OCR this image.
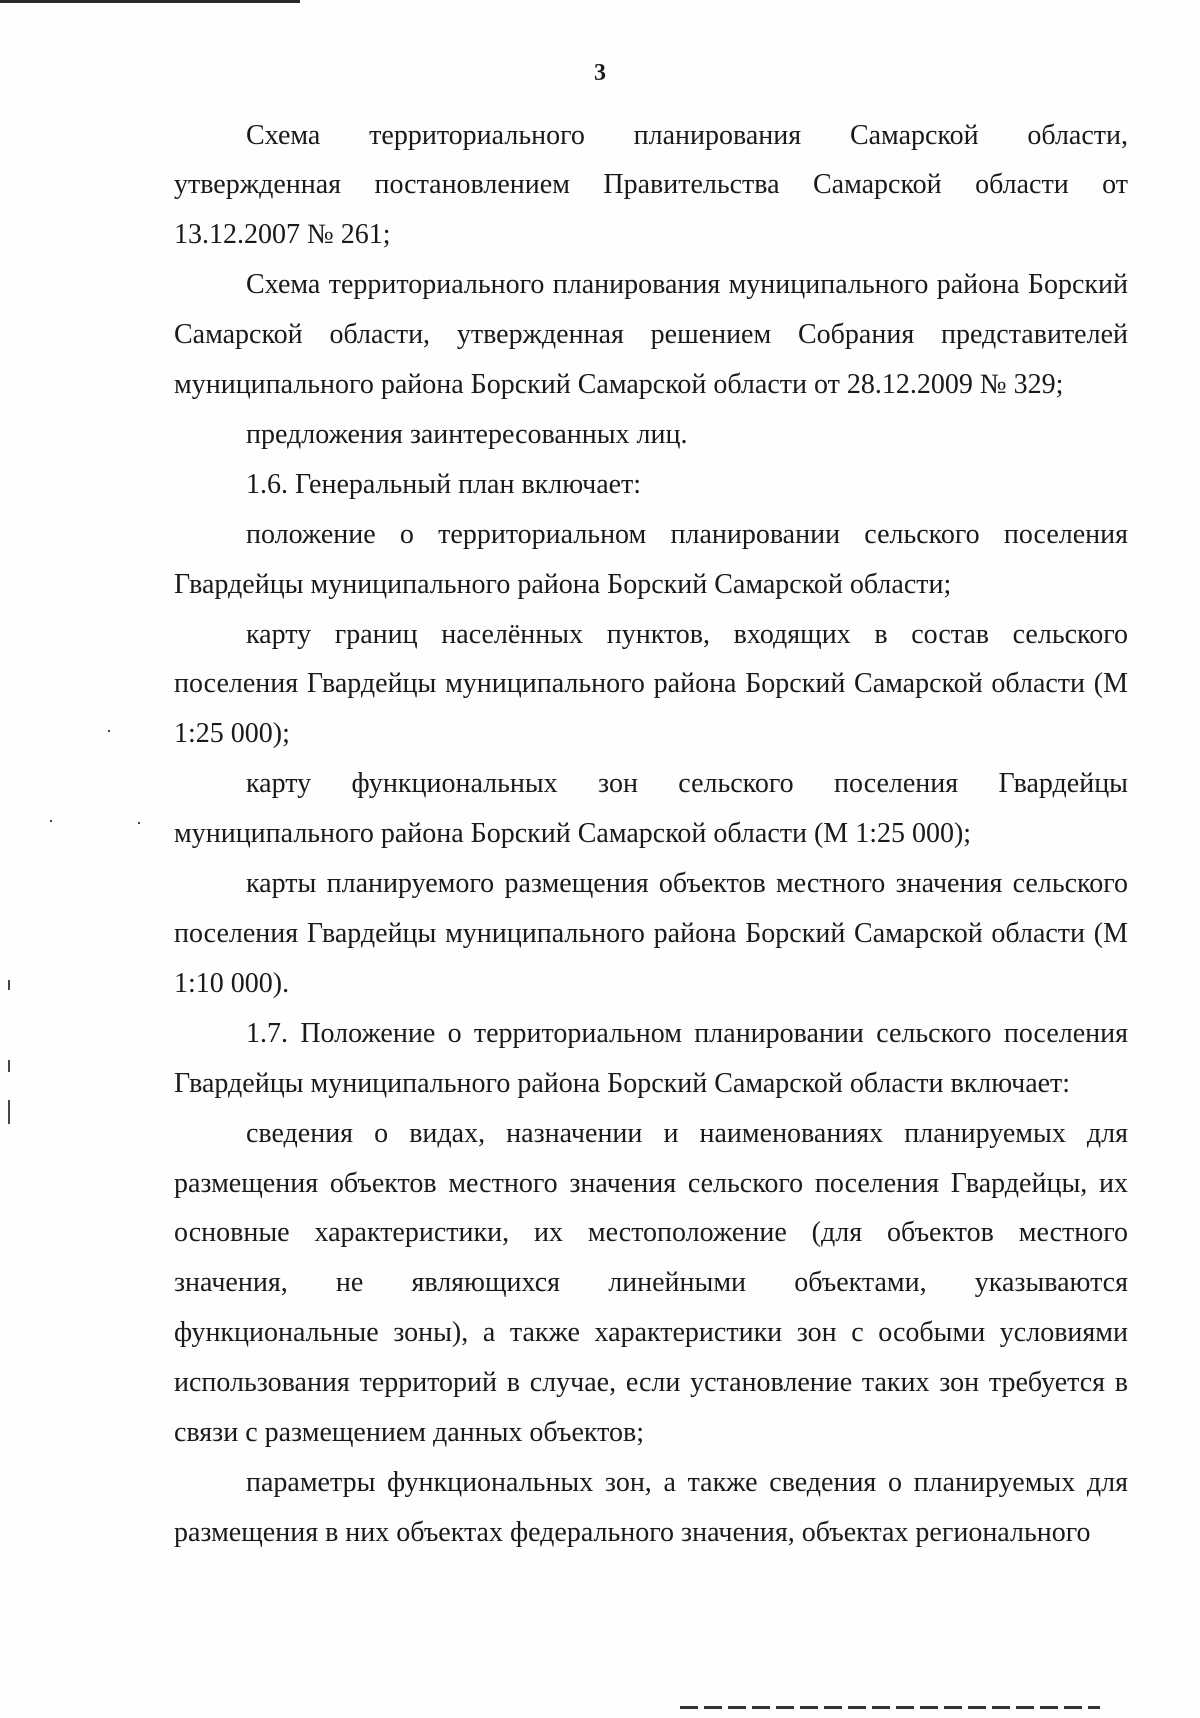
3

Схема территориального планирования Самарской области, утвержденная постановлением Правительства Самарской области от 13.12.2007 № 261;

Схема территориального планирования муниципального района Борский Самарской области, утвержденная решением Собрания представителей муниципального района Борский Самарской области от 28.12.2009 № 329;

предложения заинтересованных лиц.

1.6. Генеральный план включает:

положение о территориальном планировании сельского поселения Гвардейцы муниципального района Борский Самарской области;

карту границ населённых пунктов, входящих в состав сельского поселения Гвардейцы муниципального района Борский Самарской области (М 1:25 000);

карту функциональных зон сельского поселения Гвардейцы муниципального района Борский Самарской области (М 1:25 000);

карты планируемого размещения объектов местного значения сельского поселения Гвардейцы муниципального района Борский Самарской области (М 1:10 000).

1.7. Положение о территориальном планировании сельского поселения Гвардейцы муниципального района Борский Самарской области включает:

сведения о видах, назначении и наименованиях планируемых для размещения объектов местного значения сельского поселения Гвардейцы, их основные характеристики, их местоположение (для объектов местного значения, не являющихся линейными объектами, указываются функциональные зоны), а также характеристики зон с особыми условиями использования территорий в случае, если установление таких зон требуется в связи с размещением данных объектов;

параметры функциональных зон, а также сведения о планируемых для размещения в них объектах федерального значения, объектах регионального
